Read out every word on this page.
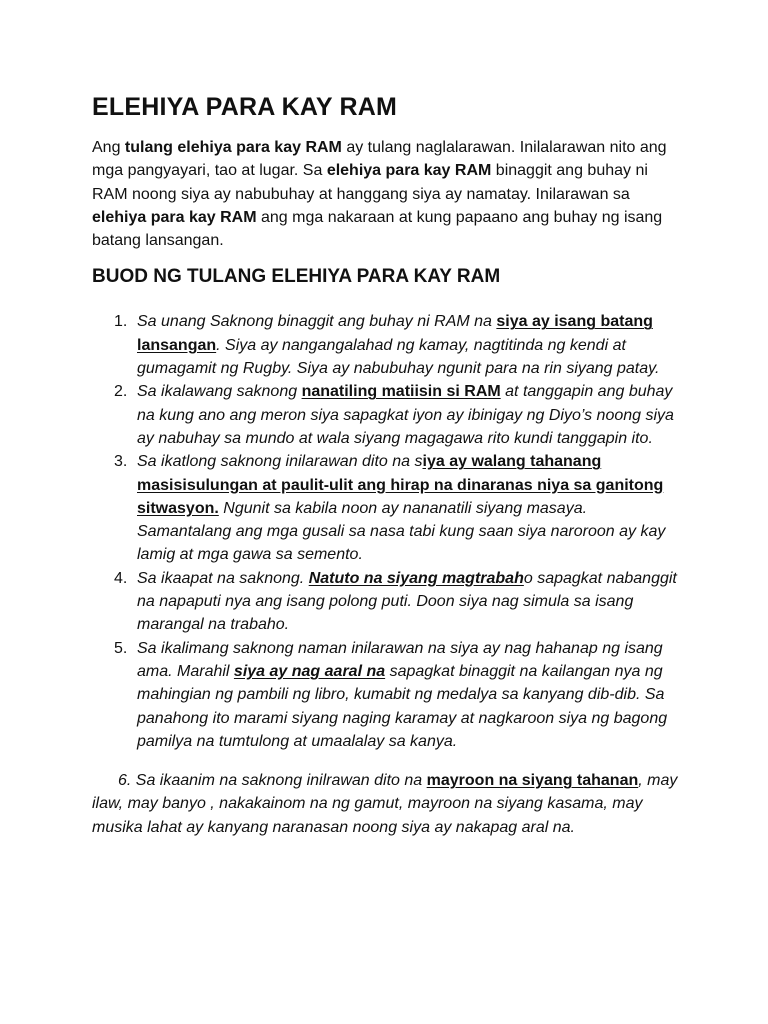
ELEHIYA PARA KAY RAM

Ang tulang elehiya para kay RAM ay tulang naglalarawan. Inilalarawan nito ang mga pangyayari, tao at lugar. Sa elehiya para kay RAM binaggit ang buhay ni RAM noong siya ay nabubuhay at hanggang siya ay namatay. Inilarawan sa elehiya para kay RAM ang mga nakaraan at kung papaano ang buhay ng isang batang lansangan.

BUOD NG TULANG ELEHIYA PARA KAY RAM
1. Sa unang Saknong binaggit ang buhay ni RAM na siya ay isang batang lansangan. Siya ay nangangalahad ng kamay, nagtitinda ng kendi at gumagamit ng Rugby. Siya ay nabubuhay ngunit para na rin siyang patay.
2. Sa ikalawang saknong nanatiling matiisin si RAM at tanggapin ang buhay na kung ano ang meron siya sapagkat iyon ay ibinigay ng Diyo’s noong siya ay nabuhay sa mundo at wala siyang magagawa rito kundi tanggapin ito.
3. Sa ikatlong saknong inilarawan dito na siya ay walang tahanang masisisulungan at paulit-ulit ang hirap na dinaranas niya sa ganitong sitwasyon. Ngunit sa kabila noon ay nananatili siyang masaya. Samantalang ang mga gusali sa nasa tabi kung saan siya naroroon ay kay lamig at mga gawa sa semento.
4. Sa ikaapat na saknong. Natuto na siyang magtrabaho sapagkat nabanggit na napaputi nya ang isang polong puti. Doon siya nag simula sa isang marangal na trabaho.
5. Sa ikalimang saknong naman inilarawan na siya ay nag hahanap ng isang ama. Marahil siya ay nag aaral na sapagkat binaggit na kailangan nya ng mahingian ng pambili ng libro, kumabit ng medalya sa kanyang dib-dib. Sa panahong ito marami siyang naging karamay at nagkaroon siya ng bagong pamilya na tumtulong at umaalalay sa kanya.

6. Sa ikaanim na saknong inilrawan dito na mayroon na siyang tahanan, may ilaw, may banyo , nakakainom na ng gamut, mayroon na siyang kasama, may musika lahat ay kanyang naranasan noong siya ay nakapag aral na.
